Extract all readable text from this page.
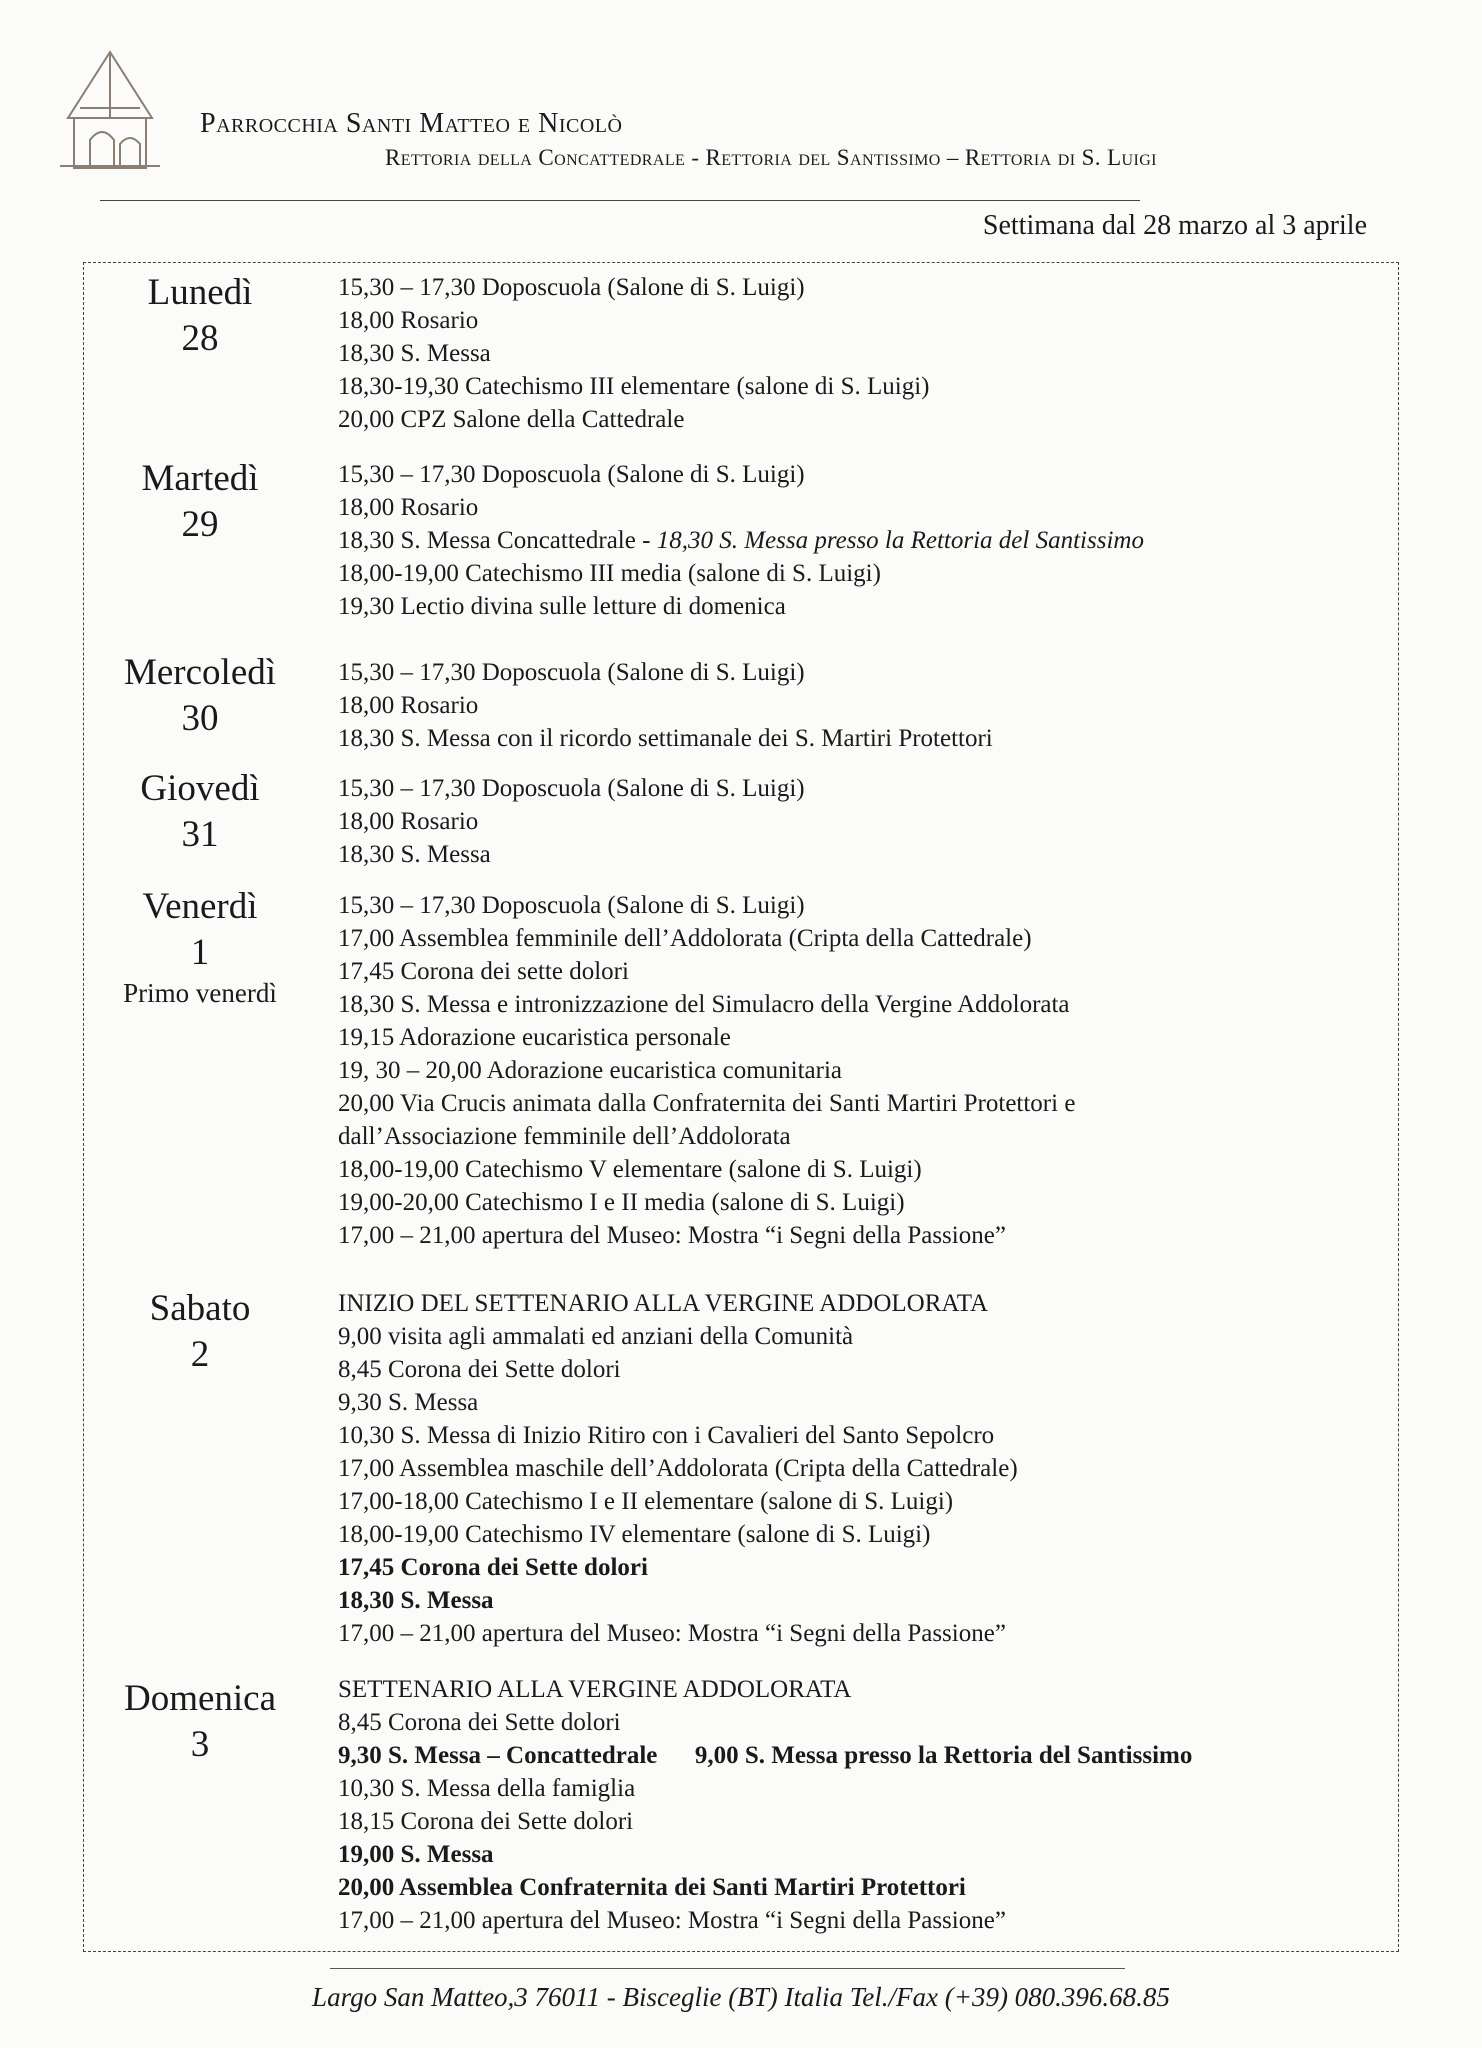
Parrocchia Santi Matteo e Nicolò
Rettoria della Concattedrale - Rettoria del Santissimo – Rettoria di S. Luigi
Settimana dal 28 marzo al 3 aprile
Lunedì
28
15,30 – 17,30 Doposcuola (Salone di S. Luigi)
18,00 Rosario
18,30 S. Messa
18,30-19,30 Catechismo III elementare (salone di S. Luigi)
20,00 CPZ Salone della Cattedrale
Martedì
29
15,30 – 17,30 Doposcuola (Salone di S. Luigi)
18,00 Rosario
18,30 S. Messa Concattedrale - 18,30 S. Messa presso la Rettoria del Santissimo
18,00-19,00 Catechismo III media (salone di S. Luigi)
19,30 Lectio divina sulle letture di domenica
Mercoledì
30
15,30 – 17,30 Doposcuola (Salone di S. Luigi)
18,00 Rosario
18,30 S. Messa con il ricordo settimanale dei S. Martiri Protettori
Giovedì
31
15,30 – 17,30 Doposcuola (Salone di S. Luigi)
18,00 Rosario
18,30 S. Messa
Venerdì
1
Primo venerdì
15,30 – 17,30 Doposcuola (Salone di S. Luigi)
17,00 Assemblea femminile dell’Addolorata (Cripta della Cattedrale)
17,45 Corona dei sette dolori
18,30 S. Messa e intronizzazione del Simulacro della Vergine Addolorata
19,15 Adorazione eucaristica personale
19, 30 – 20,00 Adorazione eucaristica comunitaria
20,00 Via Crucis animata dalla Confraternita dei Santi Martiri Protettori e
dall’Associazione femminile dell’Addolorata
18,00-19,00 Catechismo V elementare (salone di S. Luigi)
19,00-20,00 Catechismo I e II media (salone di S. Luigi)
17,00 – 21,00 apertura del Museo: Mostra “i Segni della Passione”
Sabato
2
INIZIO DEL SETTENARIO ALLA VERGINE ADDOLORATA
9,00 visita agli ammalati ed anziani della Comunità
8,45 Corona dei Sette dolori
9,30 S. Messa
10,30 S. Messa di Inizio Ritiro con i Cavalieri del Santo Sepolcro
17,00 Assemblea maschile dell’Addolorata (Cripta della Cattedrale)
17,00-18,00 Catechismo I e II elementare (salone di S. Luigi)
18,00-19,00 Catechismo IV elementare (salone di S. Luigi)
17,45 Corona dei Sette dolori
18,30 S. Messa
17,00 – 21,00 apertura del Museo: Mostra “i Segni della Passione”
Domenica
3
SETTENARIO ALLA VERGINE ADDOLORATA
8,45 Corona dei Sette dolori
9,30 S. Messa – Concattedrale      9,00 S. Messa presso la Rettoria del Santissimo
10,30 S. Messa della famiglia
18,15 Corona dei Sette dolori
19,00 S. Messa
20,00 Assemblea Confraternita dei Santi Martiri Protettori
17,00 – 21,00 apertura del Museo: Mostra “i Segni della Passione”
Largo San Matteo,3 76011 - Bisceglie (BT) Italia Tel./Fax (+39) 080.396.68.85
